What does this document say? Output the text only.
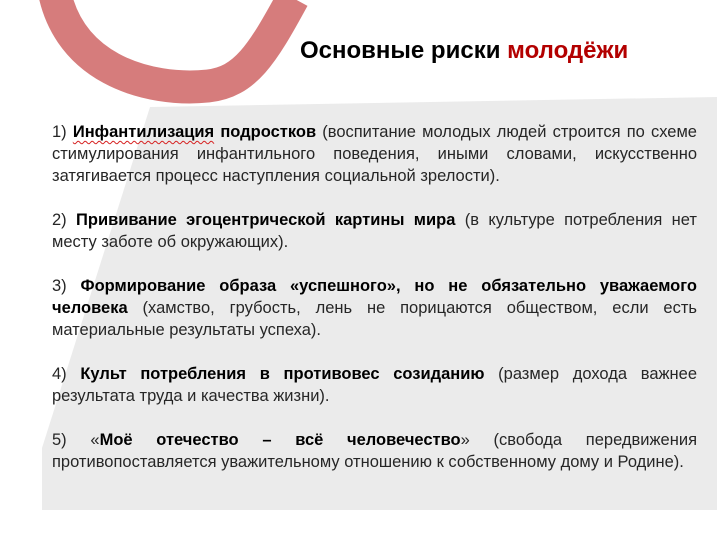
Основные риски молодёжи
1) Инфантилизация подростков (воспитание молодых людей строится по схеме стимулирования инфантильного поведения, иными словами, искусственно затягивается процесс наступления социальной зрелости).
2) Прививание эгоцентрической картины мира (в культуре потребления нет месту заботе об окружающих).
3) Формирование образа «успешного», но не обязательно уважаемого человека (хамство, грубость, лень не порицаются обществом, если есть материальные результаты успеха).
4) Культ потребления в противовес созиданию (размер дохода важнее результата труда и качества жизни).
5) «Моё отечество – всё человечество» (свобода передвижения противопоставляется уважительному отношению к собственному дому и Родине).
